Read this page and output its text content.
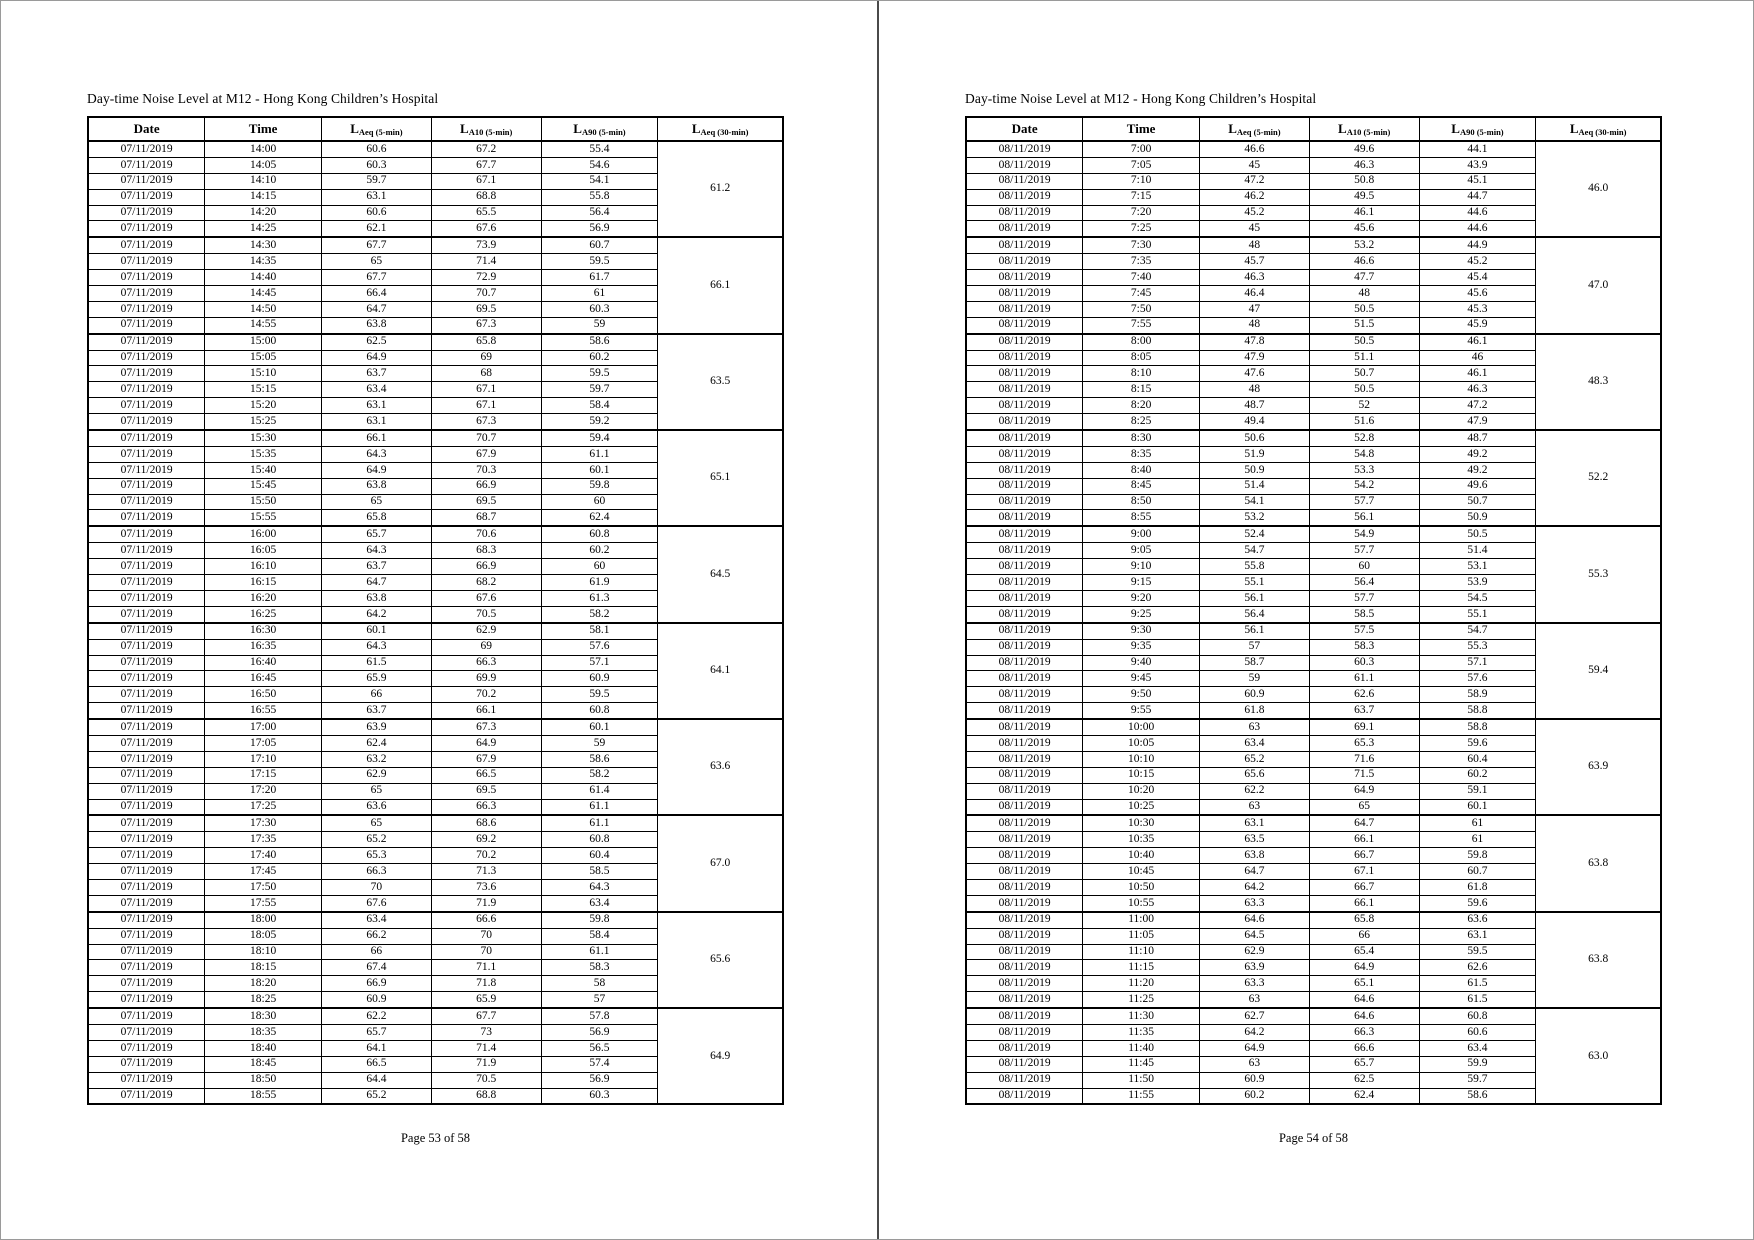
Day-time Noise Level at M12 - Hong Kong Children’s Hospital
Date	Time	$L_{Aeq (5-min)}$	$L_{A10 (5-min)}$	$L_{A90 (5-min)}$	$L_{Aeq (30-min)}$
07/11/2019	14:00	60.6	67.2	55.4	61.2
07/11/2019	14:05	60.3	67.7	54.6	
07/11/2019	14:10	59.7	67.1	54.1	
07/11/2019	14:15	63.1	68.8	55.8	
07/11/2019	14:20	60.6	65.5	56.4	
07/11/2019	14:25	62.1	67.6	56.9	
07/11/2019	14:30	67.7	73.9	60.7	66.1
07/11/2019	14:35	65	71.4	59.5	
07/11/2019	14:40	67.7	72.9	61.7	
07/11/2019	14:45	66.4	70.7	61	
07/11/2019	14:50	64.7	69.5	60.3	
07/11/2019	14:55	63.8	67.3	59	
07/11/2019	15:00	62.5	65.8	58.6	63.5
07/11/2019	15:05	64.9	69	60.2	
07/11/2019	15:10	63.7	68	59.5	
07/11/2019	15:15	63.4	67.1	59.7	
07/11/2019	15:20	63.1	67.1	58.4	
07/11/2019	15:25	63.1	67.3	59.2	
07/11/2019	15:30	66.1	70.7	59.4	65.1
07/11/2019	15:35	64.3	67.9	61.1	
07/11/2019	15:40	64.9	70.3	60.1	
07/11/2019	15:45	63.8	66.9	59.8	
07/11/2019	15:50	65	69.5	60	
07/11/2019	15:55	65.8	68.7	62.4	
07/11/2019	16:00	65.7	70.6	60.8	64.5
07/11/2019	16:05	64.3	68.3	60.2	
07/11/2019	16:10	63.7	66.9	60	
07/11/2019	16:15	64.7	68.2	61.9	
07/11/2019	16:20	63.8	67.6	61.3	
07/11/2019	16:25	64.2	70.5	58.2	
07/11/2019	16:30	60.1	62.9	58.1	64.1
07/11/2019	16:35	64.3	69	57.6	
07/11/2019	16:40	61.5	66.3	57.1	
07/11/2019	16:45	65.9	69.9	60.9	
07/11/2019	16:50	66	70.2	59.5	
07/11/2019	16:55	63.7	66.1	60.8	
07/11/2019	17:00	63.9	67.3	60.1	63.6
07/11/2019	17:05	62.4	64.9	59	
07/11/2019	17:10	63.2	67.9	58.6	
07/11/2019	17:15	62.9	66.5	58.2	
07/11/2019	17:20	65	69.5	61.4	
07/11/2019	17:25	63.6	66.3	61.1	
07/11/2019	17:30	65	68.6	61.1	67.0
07/11/2019	17:35	65.2	69.2	60.8	
07/11/2019	17:40	65.3	70.2	60.4	
07/11/2019	17:45	66.3	71.3	58.5	
07/11/2019	17:50	70	73.6	64.3	
07/11/2019	17:55	67.6	71.9	63.4	
07/11/2019	18:00	63.4	66.6	59.8	65.6
07/11/2019	18:05	66.2	70	58.4	
07/11/2019	18:10	66	70	61.1	
07/11/2019	18:15	67.4	71.1	58.3	
07/11/2019	18:20	66.9	71.8	58	
07/11/2019	18:25	60.9	65.9	57	
07/11/2019	18:30	62.2	67.7	57.8	64.9
07/11/2019	18:35	65.7	73	56.9	
07/11/2019	18:40	64.1	71.4	56.5	
07/11/2019	18:45	66.5	71.9	57.4	
07/11/2019	18:50	64.4	70.5	56.9	
07/11/2019	18:55	65.2	68.8	60.3	
Page 53 of 58
Day-time Noise Level at M12 - Hong Kong Children’s Hospital
Date	Time	$L_{Aeq (5-min)}$	$L_{A10 (5-min)}$	$L_{A90 (5-min)}$	$L_{Aeq (30-min)}$
08/11/2019	7:00	46.6	49.6	44.1	46.0
08/11/2019	7:05	45	46.3	43.9	
08/11/2019	7:10	47.2	50.8	45.1	
08/11/2019	7:15	46.2	49.5	44.7	
08/11/2019	7:20	45.2	46.1	44.6	
08/11/2019	7:25	45	45.6	44.6	
08/11/2019	7:30	48	53.2	44.9	47.0
08/11/2019	7:35	45.7	46.6	45.2	
08/11/2019	7:40	46.3	47.7	45.4	
08/11/2019	7:45	46.4	48	45.6	
08/11/2019	7:50	47	50.5	45.3	
08/11/2019	7:55	48	51.5	45.9	
08/11/2019	8:00	47.8	50.5	46.1	48.3
08/11/2019	8:05	47.9	51.1	46	
08/11/2019	8:10	47.6	50.7	46.1	
08/11/2019	8:15	48	50.5	46.3	
08/11/2019	8:20	48.7	52	47.2	
08/11/2019	8:25	49.4	51.6	47.9	
08/11/2019	8:30	50.6	52.8	48.7	52.2
08/11/2019	8:35	51.9	54.8	49.2	
08/11/2019	8:40	50.9	53.3	49.2	
08/11/2019	8:45	51.4	54.2	49.6	
08/11/2019	8:50	54.1	57.7	50.7	
08/11/2019	8:55	53.2	56.1	50.9	
08/11/2019	9:00	52.4	54.9	50.5	55.3
08/11/2019	9:05	54.7	57.7	51.4	
08/11/2019	9:10	55.8	60	53.1	
08/11/2019	9:15	55.1	56.4	53.9	
08/11/2019	9:20	56.1	57.7	54.5	
08/11/2019	9:25	56.4	58.5	55.1	
08/11/2019	9:30	56.1	57.5	54.7	59.4
08/11/2019	9:35	57	58.3	55.3	
08/11/2019	9:40	58.7	60.3	57.1	
08/11/2019	9:45	59	61.1	57.6	
08/11/2019	9:50	60.9	62.6	58.9	
08/11/2019	9:55	61.8	63.7	58.8	
08/11/2019	10:00	63	69.1	58.8	63.9
08/11/2019	10:05	63.4	65.3	59.6	
08/11/2019	10:10	65.2	71.6	60.4	
08/11/2019	10:15	65.6	71.5	60.2	
08/11/2019	10:20	62.2	64.9	59.1	
08/11/2019	10:25	63	65	60.1	
08/11/2019	10:30	63.1	64.7	61	63.8
08/11/2019	10:35	63.5	66.1	61	
08/11/2019	10:40	63.8	66.7	59.8	
08/11/2019	10:45	64.7	67.1	60.7	
08/11/2019	10:50	64.2	66.7	61.8	
08/11/2019	10:55	63.3	66.1	59.6	
08/11/2019	11:00	64.6	65.8	63.6	63.8
08/11/2019	11:05	64.5	66	63.1	
08/11/2019	11:10	62.9	65.4	59.5	
08/11/2019	11:15	63.9	64.9	62.6	
08/11/2019	11:20	63.3	65.1	61.5	
08/11/2019	11:25	63	64.6	61.5	
08/11/2019	11:30	62.7	64.6	60.8	63.0
08/11/2019	11:35	64.2	66.3	60.6	
08/11/2019	11:40	64.9	66.6	63.4	
08/11/2019	11:45	63	65.7	59.9	
08/11/2019	11:50	60.9	62.5	59.7	
08/11/2019	11:55	60.2	62.4	58.6	
Page 54 of 58
